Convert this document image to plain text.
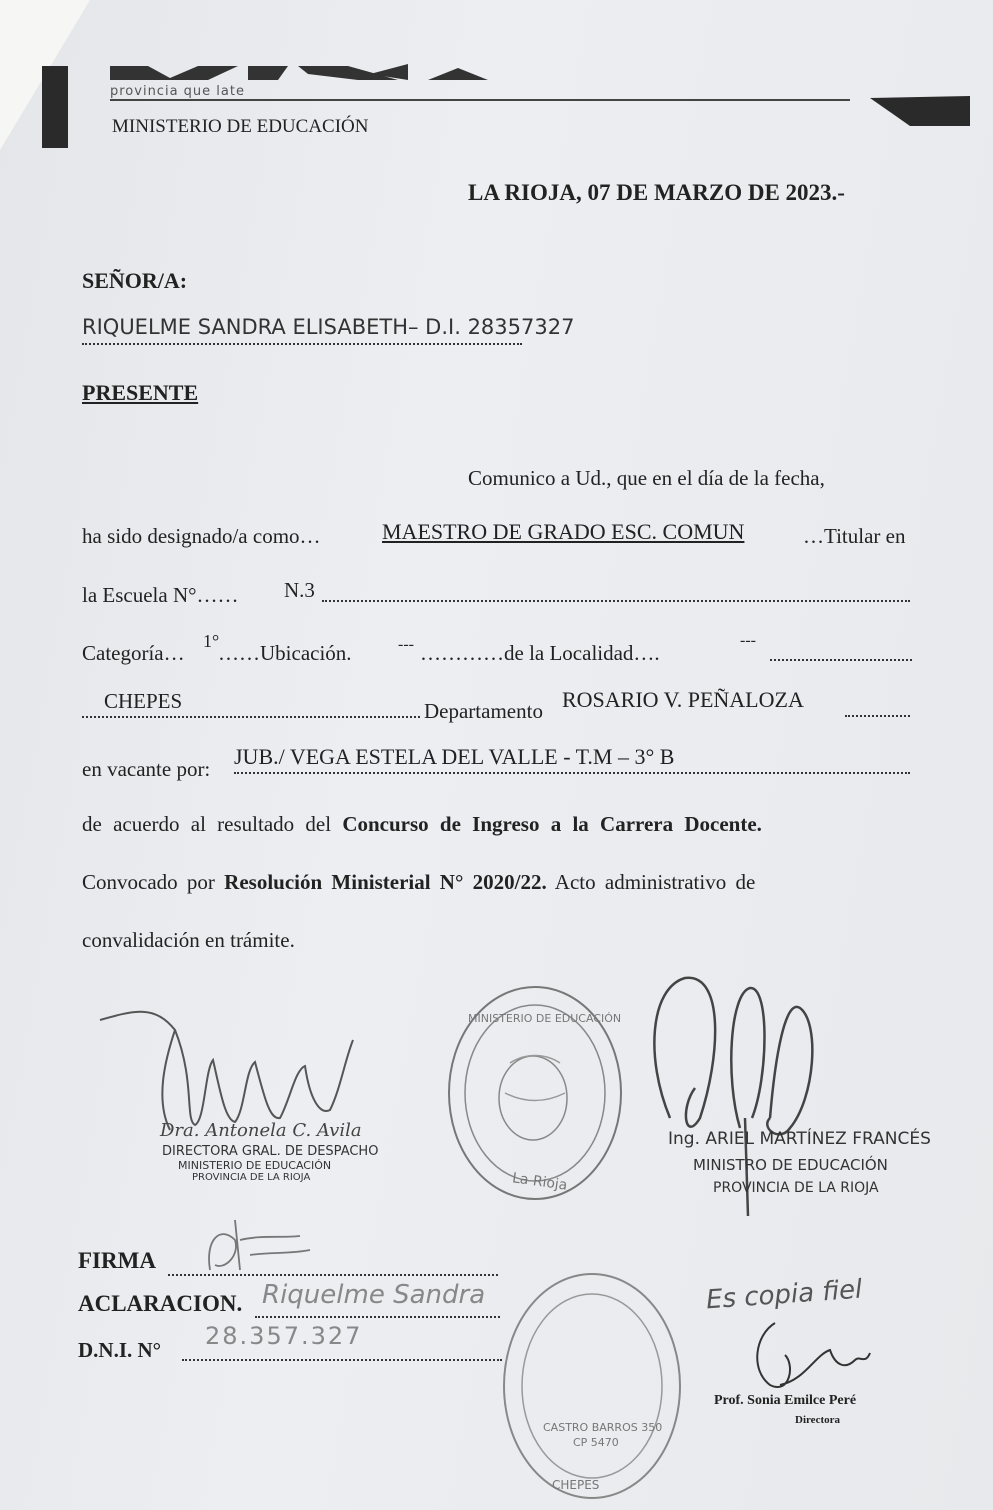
provincia que late
MINISTERIO DE EDUCACIÓN
LA RIOJA, 07 DE MARZO DE 2023.-
SEÑOR/A:
RIQUELME SANDRA ELISABETH– D.I. 28357327
PRESENTE
Comunico a Ud., que en el día de la fecha,
ha sido designado/a como…	MAESTRO DE GRADO ESC. COMUN	…Titular en
la Escuela N°…… N.3
Categoría… 1°
……Ubicación.	--- …………de la Localidad….
---
CHEPES	Departamento ROSARIO V. PEÑALOZA
en vacante por: JUB./ VEGA ESTELA DEL VALLE - T.M – 3° B
de acuerdo al resultado del Concurso de Ingreso a la Carrera Docente.
Convocado por Resolución Ministerial N° 2020/22. Acto administrativo de
convalidación en trámite.
Dra. Antonela C. Avila
DIRECTORA GRAL. DE DESPACHO
MINISTERIO DE EDUCACIÓN
PROVINCIA DE LA RIOJA
MINISTERIO DE EDUCACIÓN
La Rioja
Ing. ARIEL MARTÍNEZ FRANCÉS
MINISTRO DE EDUCACIÓN
PROVINCIA DE LA RIOJA
FIRMA
ACLARACION. Riquelme Sandra
D.N.I. N° 28.357.327
CASTRO BARROS 350
CP 5470
CHEPES
Es copia fiel
Prof. Sonia Emilce Peré
Directora
